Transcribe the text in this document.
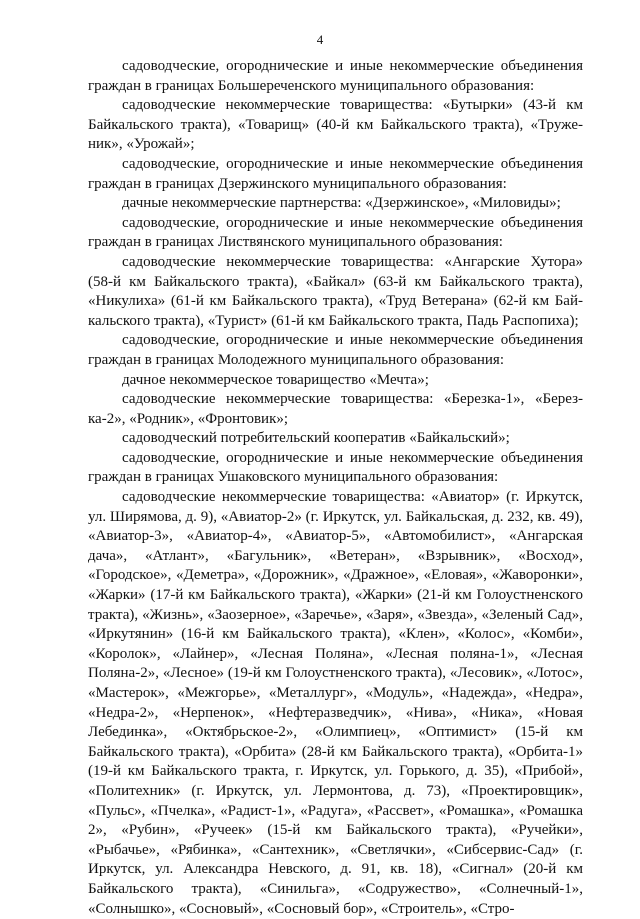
4

садоводческие, огороднические и иные некоммерческие объединения граждан в границах Большереченского муниципального образования:

садоводческие некоммерческие товарищества: «Бутырки» (43-й км Байкальского тракта), «Товарищ» (40-й км Байкальского тракта), «Труженик», «Урожай»;

садоводческие, огороднические и иные некоммерческие объединения граждан в границах Дзержинского муниципального образования:

дачные некоммерческие партнерства: «Дзержинское», «Миловиды»;

садоводческие, огороднические и иные некоммерческие объединения граждан в границах Листвянского муниципального образования:

садоводческие некоммерческие товарищества: «Ангарские Хутора» (58-й км Байкальского тракта), «Байкал» (63-й км Байкальского тракта), «Никулиха» (61-й км Байкальского тракта), «Труд Ветерана» (62-й км Байкальского тракта), «Турист» (61-й км Байкальского тракта, Падь Распопиха);

садоводческие, огороднические и иные некоммерческие объединения граждан в границах Молодежного муниципального образования:

дачное некоммерческое товарищество «Мечта»;

садоводческие некоммерческие товарищества: «Березка-1», «Березка-2», «Родник», «Фронтовик»;

садоводческий потребительский кооператив «Байкальский»;

садоводческие, огороднические и иные некоммерческие объединения граждан в границах Ушаковского муниципального образования:

садоводческие некоммерческие товарищества: «Авиатор» (г. Иркутск, ул. Ширямова, д. 9), «Авиатор-2» (г. Иркутск, ул. Байкальская, д. 232, кв. 49), «Авиатор-3», «Авиатор-4», «Авиатор-5», «Автомобилист», «Ангарская дача», «Атлант», «Багульник», «Ветеран», «Взрывник», «Восход», «Городское», «Деметра», «Дорожник», «Дражное», «Еловая», «Жаворонки», «Жарки» (17-й км Байкальского тракта), «Жарки» (21-й км Голоустненского тракта), «Жизнь», «Заозерное», «Заречье», «Заря», «Звезда», «Зеленый Сад», «Иркутянин» (16-й км Байкальского тракта), «Клен», «Колос», «Комби», «Королок», «Лайнер», «Лесная Поляна», «Лесная поляна-1», «Лесная Поляна-2», «Лесное» (19-й км Голоустненского тракта), «Лесовик», «Лотос», «Мастерок», «Межгорье», «Металлург», «Модуль», «Надежда», «Недра», «Недра-2», «Нерпенок», «Нефтеразведчик», «Нива», «Ника», «Новая Лебединка», «Октябрьское-2», «Олимпиец», «Оптимист» (15-й км Байкальского тракта), «Орбита» (28-й км Байкальского тракта), «Орбита-1» (19-й км Байкальского тракта, г. Иркутск, ул. Горького, д. 35), «Прибой», «Политехник» (г. Иркутск, ул. Лермонтова, д. 73), «Проектировщик», «Пульс», «Пчелка», «Радист-1», «Радуга», «Рассвет», «Ромашка», «Ромашка 2», «Рубин», «Ручеек» (15-й км Байкальского тракта), «Ручейки», «Рыбачье», «Рябинка», «Сантехник», «Светлячки», «Сибсервис-Сад» (г. Иркутск, ул. Александра Невского, д. 91, кв. 18), «Сигнал» (20-й км Байкальского тракта), «Синильга», «Содружество», «Солнечный-1», «Солнышко», «Сосновый», «Сосновый бор», «Строитель», «Стро-
